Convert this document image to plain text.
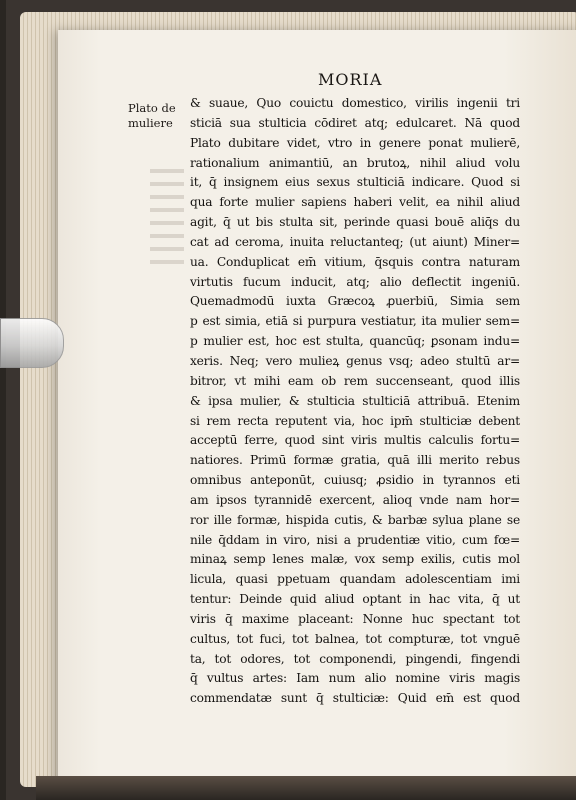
MORIA
Plato de muliere
& suaue, Quo couictu domestico, virilis ingenii tri
sticiā sua stulticia cōdiret atq; edulcaret. Nā quod
Plato dubitare videt, vtro in genere ponat mulierē,
rationalium animantiū, an brutoꝝ, nihil aliud volu
it, q̄ insignem eius sexus stulticiā indicare. Quod si
qua forte mulier sapiens haberi velit, ea nihil aliud
agit, q̄ ut bis stulta sit, perinde quasi bouē aliq̄s du
cat ad ceroma, inuita reluctanteq; (ut aiunt) Miner=
ua. Conduplicat em̄ vitium, q̄squis contra naturam
virtutis fucum inducit, atq; alio deflectit ingeniū.
Quemadmodū iuxta Græcoꝝ ꝓuerbiū, Simia sem
p est simia, etiā si purpura vestiatur, ita mulier sem=
p mulier est, hoc est stulta, quancūq; ꝑsonam indu=
xeris. Neq; vero mulieꝝ genus vsq; adeo stultū ar=
bitror, vt mihi eam ob rem succenseant, quod illis
& ipsa mulier, & stulticia stulticiā attribuā. Etenim
si rem recta reputent via, hoc ipm̄ stulticiæ debent
acceptū ferre, quod sint viris multis calculis fortu=
natiores. Primū formæ gratia, quā illi merito rebus
omnibus anteponūt, cuiusq; ꝓsidio in tyrannos eti
am ipsos tyrannidē exercent, alioq vnde nam hor=
ror ille formæ, hispida cutis, & barbæ sylua plane se
nile q̄ddam in viro, nisi a prudentiæ vitio, cum fœ=
minaꝝ semp lenes malæ, vox semp exilis, cutis mol
licula, quasi ppetuam quandam adolescentiam imi
tentur: Deinde quid aliud optant in hac vita, q̄ ut
viris q̄ maxime placeant: Nonne huc spectant tot
cultus, tot fuci, tot balnea, tot compturæ, tot vnguē
ta, tot odores, tot componendi, pingendi, fingendi
q̄ vultus artes: Iam num alio nomine viris magis
commendatæ sunt q̄ stulticiæ: Quid em̄ est quod
